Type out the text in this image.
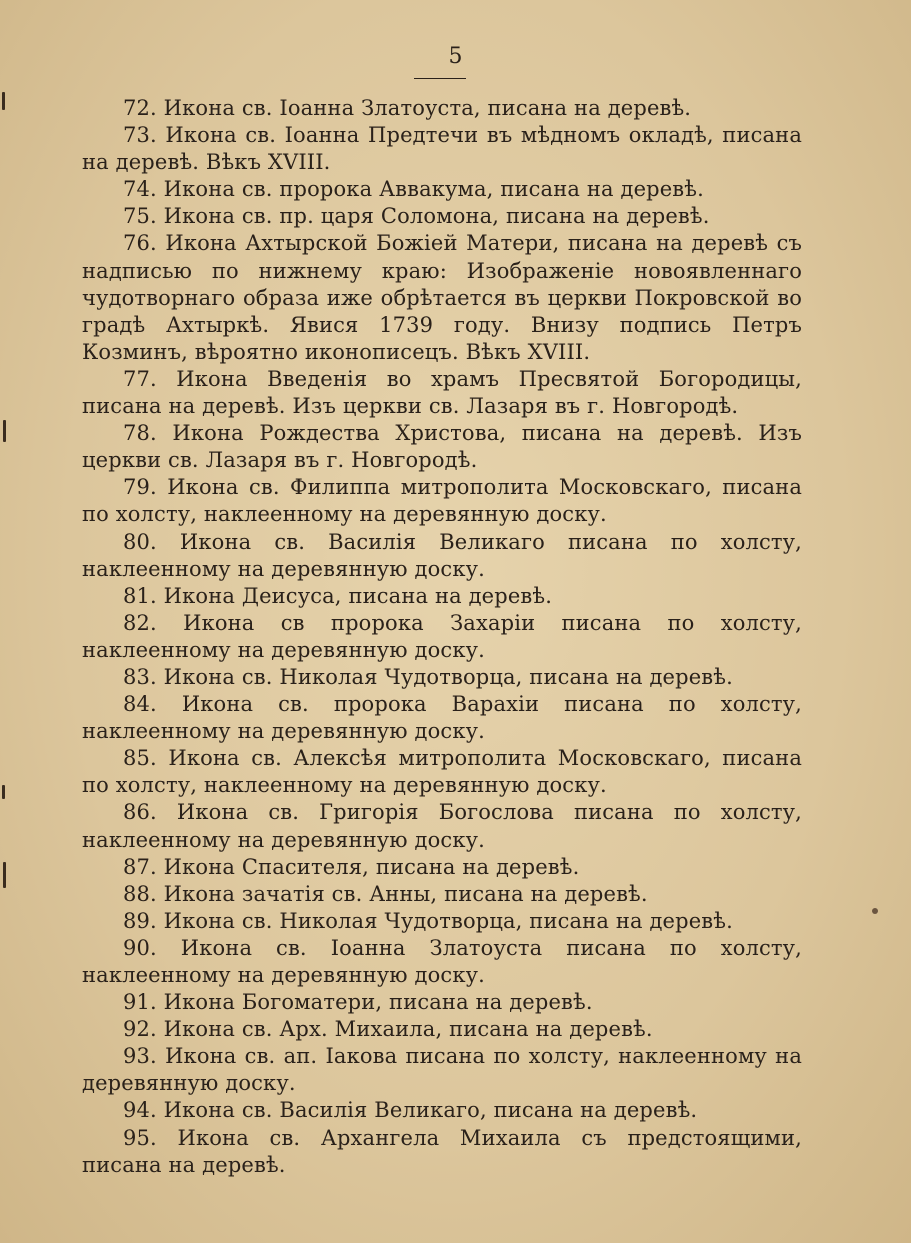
5

72. Икона св. Іоанна Златоуста, писана на деревѣ.

73. Икона св. Іоанна Предтечи въ мѣдномъ окладѣ, писана на деревѣ. Вѣкъ XVIII.

74. Икона св. пророка Аввакума, писана на деревѣ.

75. Икона св. пр. царя Соломона, писана на деревѣ.

76. Икона Ахтырской Божіей Матери, писана на деревѣ съ надписью по нижнему краю: Изображеніе новоявленнаго чудотворнаго образа иже обрѣтается въ церкви Покровской во градѣ Ахтыркѣ. Явися 1739 году. Внизу подпись Петръ Козминъ, вѣроятно иконописецъ. Вѣкъ XVIII.

77. Икона Введенія во храмъ Пресвятой Богородицы, писана на деревѣ. Изъ церкви св. Лазаря въ г. Новгородѣ.

78. Икона Рождества Христова, писана на деревѣ. Изъ церкви св. Лазаря въ г. Новгородѣ.

79. Икона св. Филиппа митрополита Московскаго, писана по холсту, наклеенному на деревянную доску.

80. Икона св. Василія Великаго писана по холсту, наклеенному на деревянную доску.

81. Икона Деисуса, писана на деревѣ.

82. Икона св пророка Захаріи писана по холсту, наклеенному на деревянную доску.

83. Икона св. Николая Чудотворца, писана на деревѣ.

84. Икона св. пророка Варахіи писана по холсту, наклеенному на деревянную доску.

85. Икона св. Алексѣя митрополита Московскаго, писана по холсту, наклеенному на деревянную доску.

86. Икона св. Григорія Богослова писана по холсту, наклеенному на деревянную доску.

87. Икона Спасителя, писана на деревѣ.

88. Икона зачатія св. Анны, писана на деревѣ.

89. Икона св. Николая Чудотворца, писана на деревѣ.

90. Икона св. Іоанна Златоуста писана по холсту, наклеенному на деревянную доску.

91. Икона Богоматери, писана на деревѣ.

92. Икона св. Арх. Михаила, писана на деревѣ.

93. Икона св. ап. Іакова писана по холсту, наклеенному на деревянную доску.

94. Икона св. Василія Великаго, писана на деревѣ.

95. Икона св. Архангела Михаила съ предстоящими, писана на деревѣ.
